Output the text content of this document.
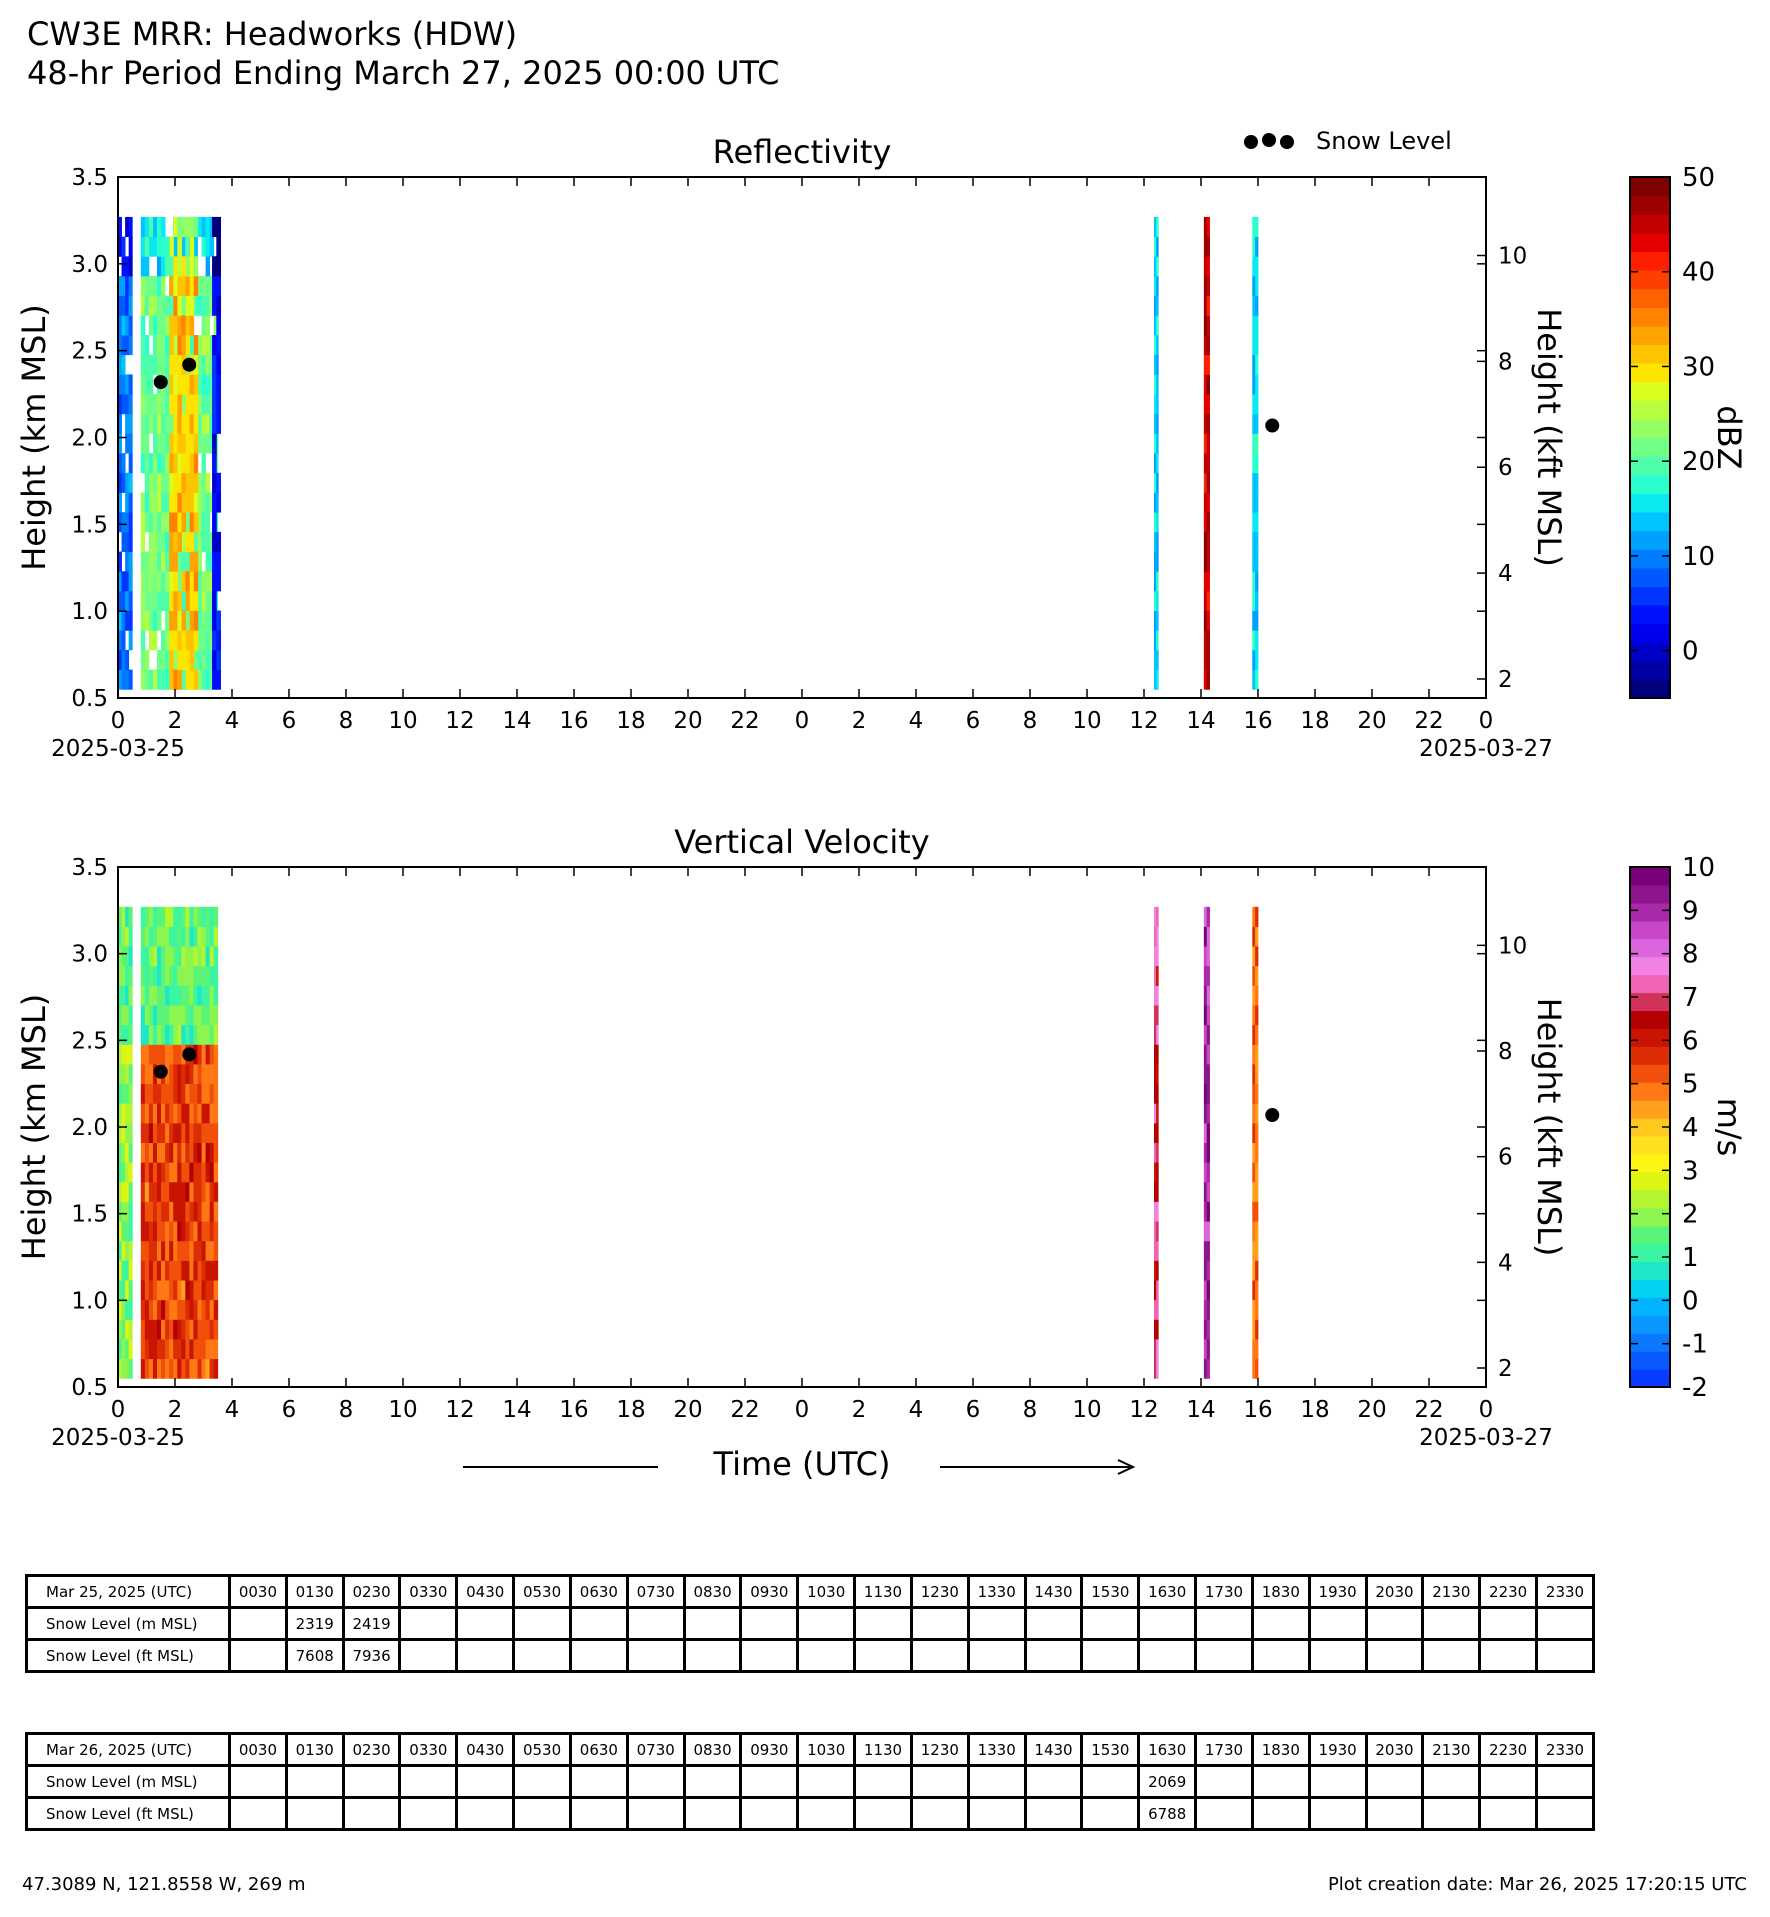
CW3E MRR: Headworks (HDW)
48-hr Period Ending March 27, 2025 00:00 UTC
Reflectivity
0.5
1.0
1.5
2.0
2.5
3.0
3.5
2
4
6
8
10
0 2 4 6 8 10 12 14 16 18 20 22 0 2 4 6 8 10 12 14 16 18 20 22 0
2025-03-25	2025-03-27
Height (km MSL)	Height (kft MSL)
0
10
20
30
40
50
dBZ
Snow Level
Vertical Velocity
0.5
1.0
1.5
2.0
2.5
3.0
3.5
2
4
6
8
10
0 2 4 6 8 10 12 14 16 18 20 22 0 2 4 6 8 10 12 14 16 18 20 22 0
2025-03-25	2025-03-27
Height (km MSL)	Height (kft MSL)
-2
-1
0
1
2
3
4
5
6
7
8
9
10
m/s
Time (UTC)
Mar 25, 2025 (UTC)	0030	0130	0230	0330	0430	0530	0630	0730	0830	0930	1030	1130	1230	1330	1430	1530	1630	1730	1830	1930	2030	2130	2230	2330
Snow Level (m MSL)		2319	2419																					
Snow Level (ft MSL)		7608	7936																					
Mar 26, 2025 (UTC)	0030	0130	0230	0330	0430	0530	0630	0730	0830	0930	1030	1130	1230	1330	1430	1530	1630	1730	1830	1930	2030	2130	2230	2330
Snow Level (m MSL)																	2069							
Snow Level (ft MSL)																	6788							
47.3089 N, 121.8558 W, 269 m	Plot creation date: Mar 26, 2025 17:20:15 UTC
